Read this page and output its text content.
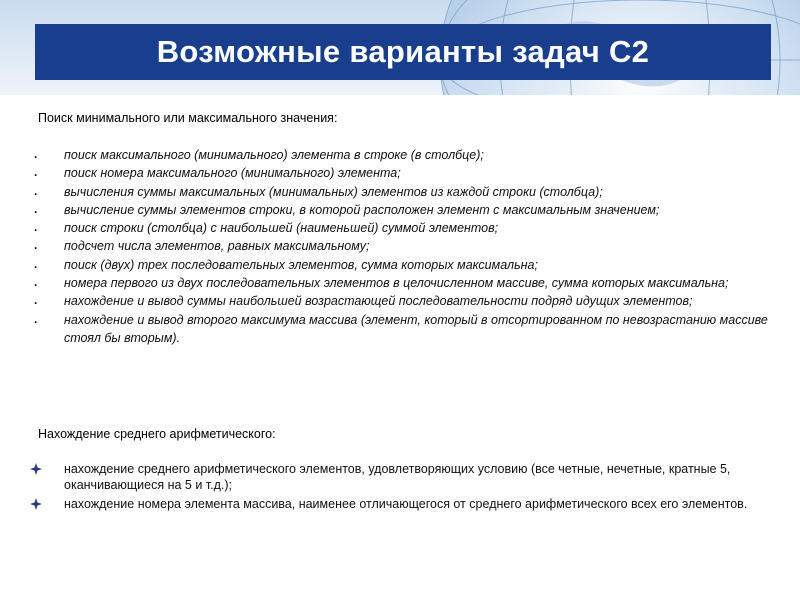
Возможные варианты задач С2
Поиск минимального или максимального значения:
. поиск максимального (минимального) элемента в строке (в столбце);
. поиск номера максимального (минимального) элемента;
. вычисления суммы максимальных (минимальных) элементов из каждой строки (столбца);
. вычисление суммы элементов строки, в которой расположен элемент с максимальным значением;
. поиск строки (столбца) с наибольшей (наименьшей) суммой элементов;
. подсчет числа элементов, равных максимальному;
. поиск (двух) трех последовательных элементов, сумма которых максимальна;
. номера первого из двух последовательных элементов в целочисленном массиве, сумма которых максимальна;
. нахождение и вывод суммы наибольшей возрастающей последовательности подряд идущих элементов;
. нахождение и вывод второго максимума массива (элемент, который в отсортированном по невозрастанию массиве стоял бы вторым).
Нахождение среднего арифметического:
нахождение среднего арифметического элементов, удовлетворяющих условию (все четные, нечетные, кратные 5, оканчивающиеся на 5 и т.д.);
нахождение номера элемента массива, наименее отличающегося от среднего арифметического всех его элементов.
